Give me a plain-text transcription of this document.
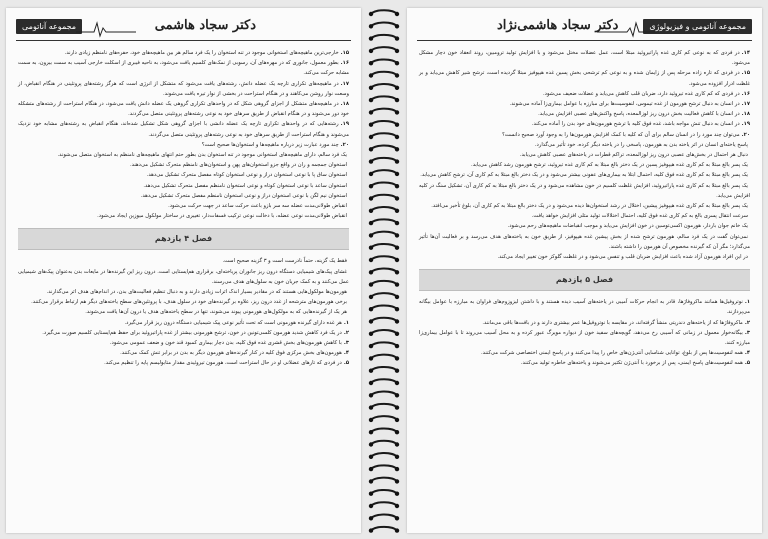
مجموعه آناتومی	دکتر سجاد هاشمی

۱۵.خارجی‌ترین ماهیچه‌های استخوانی موجود در تنه استخوان را یک فرد سالم هر بین ماهیچه‌های خود، حفره‌های نامنظم زیادی دارند.

۱۶.بطور معمول، جانوری که در مهره‌های آن، رسوبی از نمک‌های کلسیم یافت می‌شود، به ناحیه فیبری از اسکلت خارجی آسیب به سمت بیرون، به سمت مشابه حرکت می‌کند.

۱۷.در ماهیچه‌های تکراری تارچه یک عضله دانش، رشته‌های یافت می‌شود که متشکل از انرژی است که هرگز رشته‌های پروتئینی در هنگام انقباض، از وسعت نوار روشن می‌کاهند و در هنگام استراحت در بخشی از نوار تیره یافت می‌شوند.

۱۸.در ماهیچه‌های متشکل از اجزای گروهی شکل که در واحدهای تکراری گروهی یک عضله دانش یافت می‌شود، در هنگام استراحت از رشته‌های متشکله خود دور می‌شوند و در هنگام انقباض از طریق سرهای خود به نوعی رشته‌های پروتئینی متصل می‌گردند.

۱۹.رشته‌هایی که در واحدهای تکراری تارچه یک عضله دانشی با اجزای گروهی شکل تشکیل شده‌اند، هنگام انقباض به رشته‌های مشابه خود نزدیک می‌شوند و هنگام استراحت از طریق سرهای خود به نوعی رشته‌های پروتئینی متصل می‌گردند.

۲۰.چند مورد عبارت زیر درباره ماهیچه‌ها و استخوان‌ها صحیح است؟

یک فرد سالم، دارای ماهیچه‌های استخوانی موجود در تنه استخوان بدن بطور حتم انتهای ماهیچه‌های نامنظم به استخوان متصل می‌شوند.

استخوان جمجمه و ران در واقع جزو استخوان‌های پهن و استخوان‌های نامنظم متحرک تشکیل می‌دهند.

استخوان ساق پا با نوعی استخوان دراز و نوعی استخوان کوتاه مفصل متحرک تشکیل می‌دهد.

استخوان ساعد با نوعی استخوان کوتاه و نوعی استخوان نامنظم مفصل متحرک تشکیل می‌دهد.

استخوان نیم لگن با نوعی استخوان دراز و نوعی استخوان نامنظم مفصل متحرک تشکیل می‌دهد.

انقباض طولانی‌مدت عضله سه سر بازو باعث حرکت ساعد در جهت حرکت می‌شود.

انقباض طولانی‌مدت نوعی عضله، با دخالت نوعی ترکیب فسفات‌دار، تغییری در ساختار مولکول میوزین ایجاد می‌شود.

فصل ۴ یازدهم

فقط یک گزینه، حتماً نادرست است و ۳ گزینه صحیح است.

غشای پیک‌های شیمیایی دستگاه درون ریز جانوران پریاخته‌ای، برقراری هم‌ایستایی است. درون ریز این گیرنده‌ها در مایعات بدن به‌عنوان پیک‌های شیمیایی عمل می‌کنند و به کمک جریان خون به سلول‌های هدف می‌رسند.

هورمون‌ها مولکول‌هایی هستند که در مقادیر بسیار اندک اثرات زیادی دارند و به دنبال تنظیم فعالیت‌های بدن، در اندام‌های هدف اثر می‌گذارند.

برخی هورمون‌های مترشحه از غدد درون ریز، علاوه بر گیرنده‌های خود در سلول هدف، با پروتئین‌های سطح یاخته‌های دیگر هم ارتباط برقرار می‌کنند.

هر یک از گیرنده‌هایی که به مولکول‌های هورمونی پیوند می‌شوند، تنها در سطح یاخته‌های هدف یا درون آن‌ها یافت می‌شوند.

۱.هر غده دارای گیرنده هورمونی است که تحت تأثیر نوعی پیک شیمیایی دستگاه درون ریز قرار می‌گیرد.

۲.در یک فرد کاهش شدید هورمون کلسی‌تونین در خون، ترشح هورمونی بیشتر از غده پاراتیروئید برای حفظ هم‌ایستایی کلسیم صورت می‌گیرد.

۳.با کاهش هورمون‌های بخش قشری غده فوق کلیه، بدن دچار بیماری کمبود قند خون و ضعف عمومی می‌شود.

۴.هورمون‌های بخش مرکزی فوق کلیه در کنار گیرنده‌های هورمون دیگر به بدن در برابر تنش کمک می‌کنند.

۵.در فردی که تارهای عضلانی او در حال استراحت است، هورمون تیروئیدی مقدار متابولیسم پایه را تنظیم می‌کند.

مجموعه آناتومی و فیزیولوژی
دکتر سجاد هاشمی‌نژاد

۱۴.در فردی که به نوعی کم کاری غده پاراتیروئید مبتلا است، عمل عضلات مختل می‌شود و با افزایش تولید ترومبین، روند انعقاد خون دچار مشکل می‌شود.

۱۵.در فردی که تاره زاده مرحله پس از زایمان شده و به نوعی کم ترشحی بخش پسین غده هیپوفیز مبتلا گردیده است، ترشح شیر کاهش می‌یابد و بر غلظت ادرار افزوده می‌شود.

۱۶.در فردی که کم کاری غده تیروئید دارد، ضربان قلب کاهش می‌یابد و عضلات ضعیف می‌شود.

۱۷.در انسان به دنبال ترشح هورمون از غده تیموس، لنفوسیت‌ها برای مبارزه با عوامل بیماری‌زا آماده می‌شوند.

۱۸.در انسان با کاهش فعالیت بخش درون ریز لوزالمعده، پاسخ واکنش‌های عصبی افزایش می‌یابد.

۱۹.در انسان به دنبال تنش مواجه باشد، غده فوق کلیه با ترشح هورمون‌های خود بدن را آماده می‌کند.

۲۰.می‌توان چند مورد را در انسان سالم برای آن که کلیه با کمک افزایش هورمون‌ها را به وجود آورد صحیح دانست؟

پاسخ یاخته‌ای انسان در اثر یاخته بدن به هورمون، پاسخی را در یاخته دیگر کرده، خود تأثیر می‌گذارد.

دنبال هر احتمال در بخش‌های عصبی درون ریز لوزالمعده، تراکم قطرات در یاخته‌های عصبی کاهش می‌یابد.

یک پسر بالغ مبتلا به کم کاری غده هیپوفیز پسین در یک دختر بالغ مبتلا به کم کاری غده تیروئید، ترشح هورمون رشد کاهش می‌یابد.

یک پسر بالغ مبتلا به کم کاری غده فوق کلیه، احتمال ابتلا به بیماری‌های عفونی بیشتر می‌شود و در یک دختر بالغ مبتلا به کم کاری آن، ترشح کاهش می‌یابد.

یک پسر بالغ مبتلا به کم کاری غده پاراتیروئید، افزایش غلظت کلسیم در خون مشاهده می‌شود و در یک دختر بالغ مبتلا به کم کاری آن، تشکیل سنگ در کلیه افزایش می‌یابد.

یک پسر بالغ مبتلا به کم کاری غده هیپوفیز پیشین، اختلال در رشد استخوان‌ها دیده می‌شود و در یک دختر بالغ مبتلا به کم کاری آن، بلوغ تأخیر می‌افتد.

سرعت انتقال پسری بالغ به کم کاری غده فوق کلیه، احتمال اختلالات تولید مثلی افزایش خواهد یافت.

یک خانم جوان باردار، هورمون اکسی‌توسین در خون افزایش می‌یابد و موجب انقباضات ماهیچه‌های رحم می‌شود.

نمی‌توان گفت در یک فرد سالم، هورمون ترشح شده از بخش پیشین غده هیپوفیز، از طریق خون به یاخته‌های هدف می‌رسد و بر فعالیت آن‌ها تأثیر می‌گذارد؛ مگر آن که گیرنده مخصوص آن هورمون را داشته باشند.

در این افراد هورمون آزاد شده باعث افزایش ضربان قلب و تنفس می‌شود و در غلظت گلوکز خون تغییر ایجاد می‌کند.

فصل ۵ یازدهم

۱.نوتروفیل‌ها همانند ماکروفاژها، قادر به انجام حرکات آمیبی در یاخته‌های آسیب دیده هستند و با داشتن لیزوزوم‌های فراوان به مبارزه با عوامل بیگانه می‌پردازند.

۲.ماکروفاژها که از یاخته‌های دندریتی منشأ گرفته‌اند، در مقایسه با نوتروفیل‌ها عمر بیشتری دارند و در بافت‌ها باقی می‌مانند.

۳.بیگانه‌خوار معمول در زمانی که آسیبی رخ می‌دهد، گویچه‌های سفید خون از دیواره مویرگ عبور کرده و به محل آسیب می‌روند تا با عوامل بیماری‌زا مبارزه کنند.

۴.همه لنفوسیت‌ها پس از بلوغ، توانایی شناسایی آنتی‌ژن‌های خاص را پیدا می‌کنند و در پاسخ ایمنی اختصاصی شرکت می‌کنند.

۵.همه لنفوسیت‌های پاسخ ایمنی، پس از برخورد با آنتی‌ژن تکثیر می‌شوند و یاخته‌های خاطره تولید می‌کنند.
